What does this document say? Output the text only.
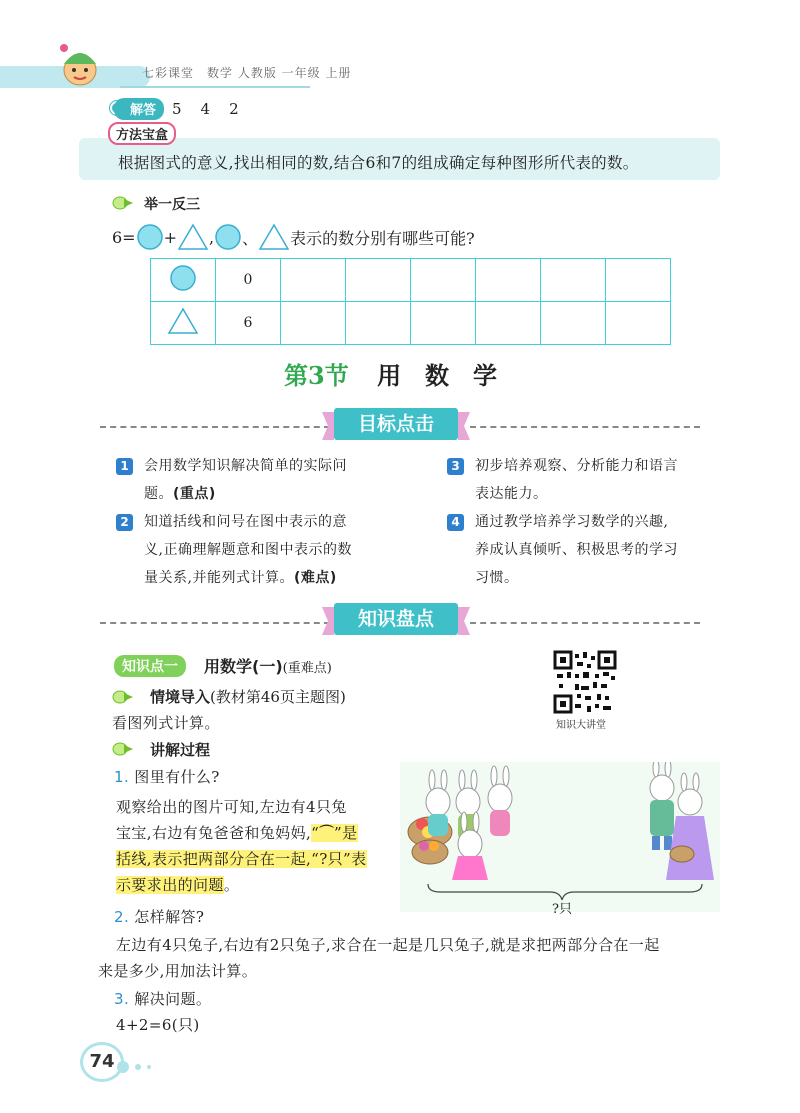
七彩课堂　数学 人教版 一年级 上册
解答	5　4　2
方法宝盒
根据图式的意义,找出相同的数,结合6和7的组成确定每种图形所代表的数。
举一反三
6= + , 、 表示的数分别有哪些可能?
	0						
	6						
第3节 用　数　学
目标点击
1	会用数学知识解决简单的实际问
题。(重点)
2	知道括线和问号在图中表示的意
义,正确理解题意和图中表示的数
量关系,并能列式计算。(难点)
3	初步培养观察、分析能力和语言
表达能力。
4	通过教学培养学习数学的兴趣,
养成认真倾听、积极思考的学习
习惯。
知识盘点
知识点一	用数学(一)(重难点)
知识大讲堂
情境导入(教材第46页主题图)
看图列式计算。
讲解过程
1. 图里有什么?
观察给出的图片可知,左边有4只兔
宝宝,右边有兔爸爸和兔妈妈,“⏜”是
括线,表示把两部分合在一起,“?只”表
示要求出的问题。
?只
2. 怎样解答?
左边有4只兔子,右边有2只兔子,求合在一起是几只兔子,就是求把两部分合在一起
来是多少,用加法计算。
3. 解决问题。
4+2=6(只)
74
